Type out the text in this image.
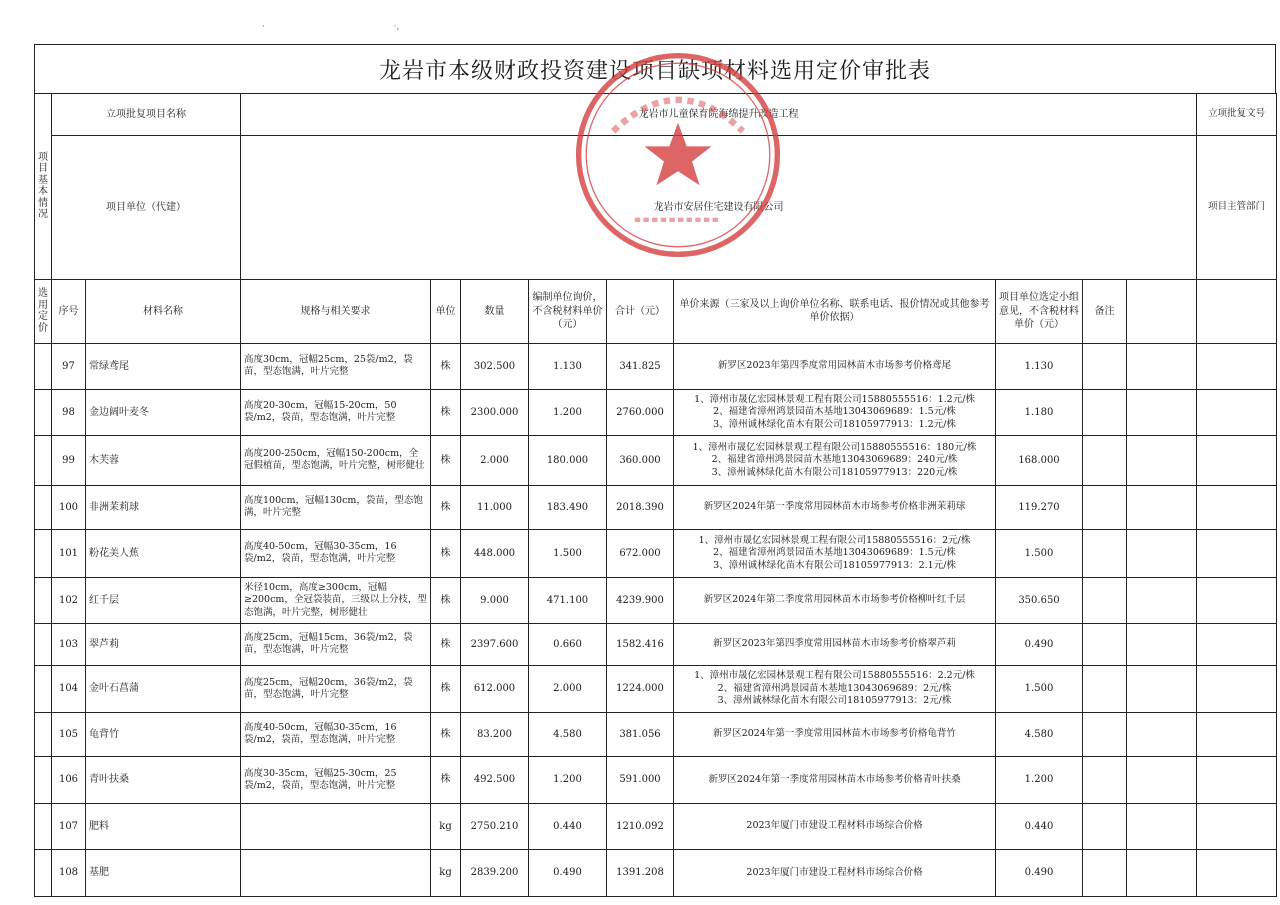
·                                             ·,
龙岩市本级财政投资建设项目缺项材料选用定价审批表
项目基本情况	立项批复项目名称		龙岩市儿童保育院海绵提升改造工程									立项批复文号	
	项目单位（代建）		龙岩市安居住宅建设有限公司									项目主管部门	
选用定价	序号	材料名称	规格与相关要求	单位	数量	编制单位询价，不含税材料单价（元）	合计（元）	单价来源（三家及以上询价单位名称、联系电话、报价情况或其他参考单价依据）	项目单位选定小组意见，不含税材料单价（元）	备注			
	97	常绿鸢尾	高度30cm，冠幅25cm，25袋/m2，袋苗，型态饱满，叶片完整	株	302.500	1.130	341.825	新罗区2023年第四季度常用园林苗木市场参考价格鸢尾	1.130				
	98	金边阔叶麦冬	高度20-30cm，冠幅15-20cm，50袋/m2，袋苗，型态饱满，叶片完整	株	2300.000	1.200	2760.000	1、漳州市晟亿宏园林景观工程有限公司15880555516：1.2元/株
2、福建省漳州鸿景园苗木基地13043069689：1.5元/株
3、漳州诚林绿化苗木有限公司18105977913：1.2元/株	1.180				
	99	木芙蓉	高度200-250cm，冠幅150-200cm，全冠假植苗，型态饱满，叶片完整，树形健壮	株	2.000	180.000	360.000	1、漳州市晟亿宏园林景观工程有限公司15880555516：180元/株
2、福建省漳州鸿景园苗木基地13043069689：240元/株
3、漳州诚林绿化苗木有限公司18105977913：220元/株	168.000				
	100	非洲茉莉球	高度100cm，冠幅130cm，袋苗，型态饱满，叶片完整	株	11.000	183.490	2018.390	新罗区2024年第一季度常用园林苗木市场参考价格非洲茉莉球	119.270				
	101	粉花美人蕉	高度40-50cm，冠幅30-35cm，16袋/m2，袋苗，型态饱满，叶片完整	株	448.000	1.500	672.000	1、漳州市晟亿宏园林景观工程有限公司15880555516：2元/株
2、福建省漳州鸿景园苗木基地13043069689：1.5元/株
3、漳州诚林绿化苗木有限公司18105977913：2.1元/株	1.500				
	102	红千层	米径10cm，高度≥300cm，冠幅≥200cm，全冠袋装苗，三级以上分枝，型态饱满，叶片完整，树形健壮	株	9.000	471.100	4239.900	新罗区2024年第二季度常用园林苗木市场参考价格柳叶红千层	350.650				
	103	翠芦莉	高度25cm，冠幅15cm，36袋/m2，袋苗，型态饱满，叶片完整	株	2397.600	0.660	1582.416	新罗区2023年第四季度常用园林苗木市场参考价格翠芦莉	0.490				
	104	金叶石菖蒲	高度25cm，冠幅20cm，36袋/m2，袋苗，型态饱满，叶片完整	株	612.000	2.000	1224.000	1、漳州市晟亿宏园林景观工程有限公司15880555516：2.2元/株
2、福建省漳州鸿景园苗木基地13043069689：2元/株
3、漳州诚林绿化苗木有限公司18105977913：2元/株	1.500				
	105	龟背竹	高度40-50cm，冠幅30-35cm，16袋/m2，袋苗，型态饱满，叶片完整	株	83.200	4.580	381.056	新罗区2024年第一季度常用园林苗木市场参考价格龟背竹	4.580				
	106	青叶扶桑	高度30-35cm，冠幅25-30cm，25袋/m2，袋苗，型态饱满，叶片完整	株	492.500	1.200	591.000	新罗区2024年第一季度常用园林苗木市场参考价格青叶扶桑	1.200				
	107	肥料		kg	2750.210	0.440	1210.092	2023年厦门市建设工程材料市场综合价格	0.440				
	108	基肥		kg	2839.200	0.490	1391.208	2023年厦门市建设工程材料市场综合价格	0.490				
